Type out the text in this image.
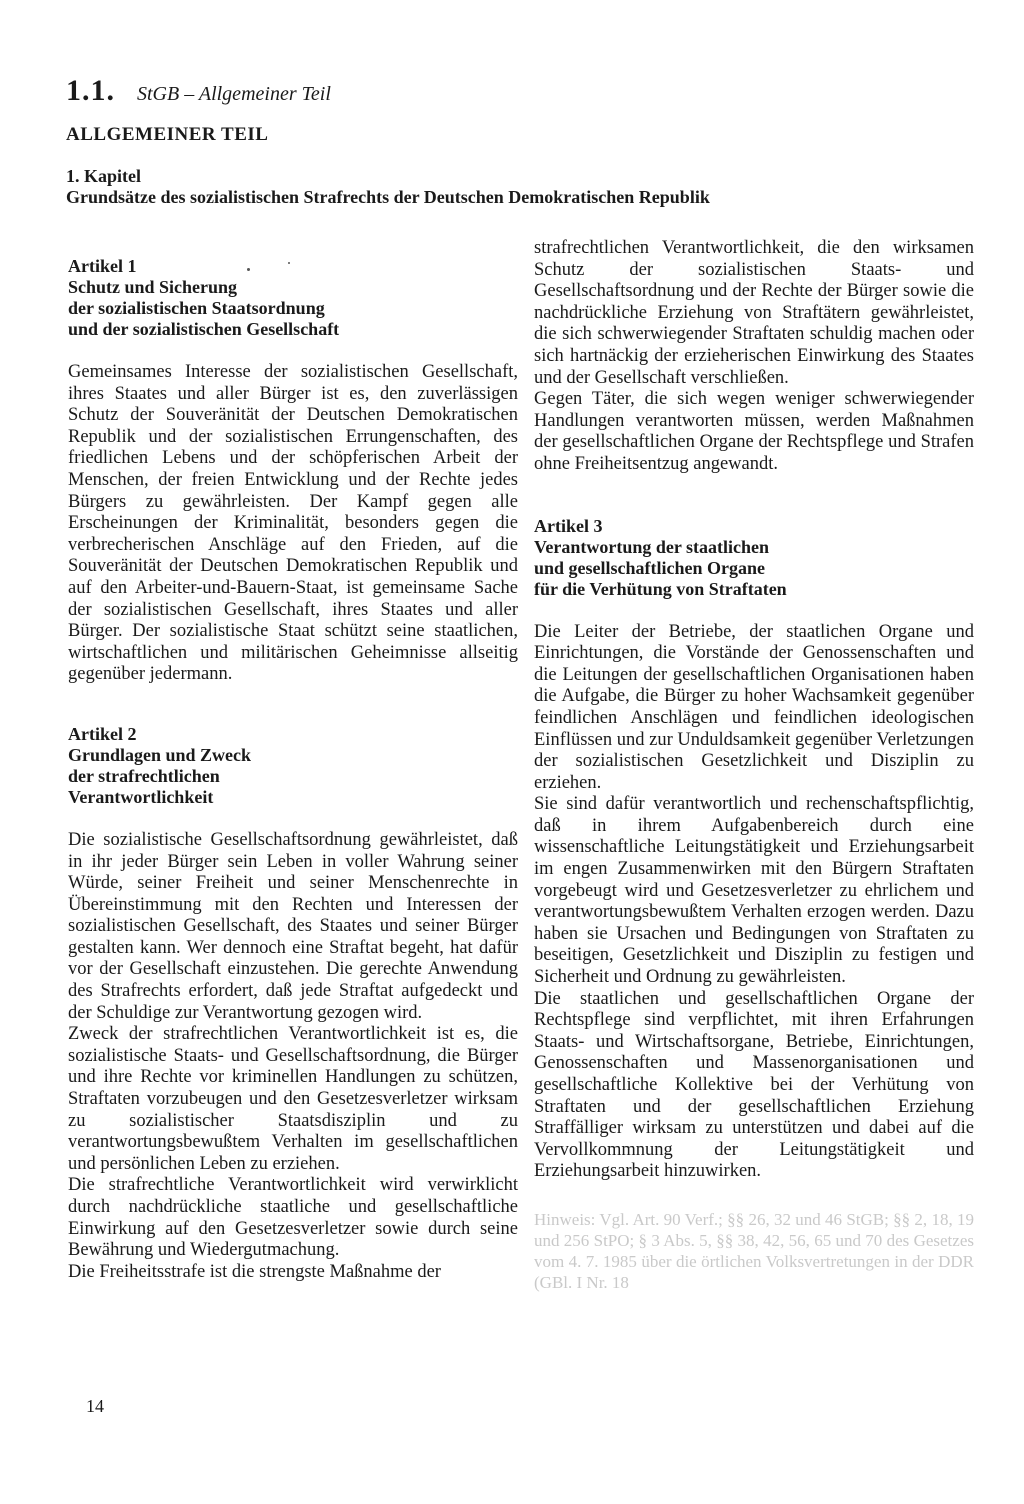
1.1. StGB – Allgemeiner Teil
ALLGEMEINER TEIL
1. Kapitel
Grundsätze des sozialistischen Strafrechts der Deutschen Demokratischen Republik

Artikel 1

Schutz und Sicherung

der sozialistischen Staatsordnung

und der sozialistischen Gesellschaft

Gemeinsames Interesse der sozialistischen Gesellschaft, ihres Staates und aller Bürger ist es, den zuverlässigen Schutz der Souveränität der Deutschen Demokratischen Republik und der sozialistischen Errungenschaften, des friedlichen Lebens und der schöpferischen Arbeit der Menschen, der freien Entwicklung und der Rechte jedes Bürgers zu gewährleisten. Der Kampf gegen alle Erscheinungen der Kriminalität, besonders gegen die verbrecherischen Anschläge auf den Frieden, auf die Souveränität der Deutschen Demokratischen Republik und auf den Arbeiter-und-Bauern-Staat, ist gemeinsame Sache der sozialistischen Gesellschaft, ihres Staates und aller Bürger. Der sozialistische Staat schützt seine staatlichen, wirtschaftlichen und militärischen Geheimnisse allseitig gegenüber jedermann.

Artikel 2

Grundlagen und Zweck

der strafrechtlichen

Verantwortlichkeit

Die sozialistische Gesellschaftsordnung gewährleistet, daß in ihr jeder Bürger sein Leben in voller Wahrung seiner Würde, seiner Freiheit und seiner Menschenrechte in Übereinstimmung mit den Rechten und Interessen der sozialistischen Gesellschaft, des Staates und seiner Bürger gestalten kann. Wer dennoch eine Straftat begeht, hat dafür vor der Gesellschaft einzustehen. Die gerechte Anwendung des Strafrechts erfordert, daß jede Straftat aufgedeckt und der Schuldige zur Verantwortung gezogen wird.

Zweck der strafrechtlichen Verantwortlichkeit ist es, die sozialistische Staats- und Gesellschaftsordnung, die Bürger und ihre Rechte vor kriminellen Handlungen zu schützen, Straftaten vorzubeugen und den Gesetzesverletzer wirksam zu sozialistischer Staatsdisziplin und zu verantwortungsbewußtem Verhalten im gesellschaftlichen und persönlichen Leben zu erziehen.

Die strafrechtliche Verantwortlichkeit wird verwirklicht durch nachdrückliche staatliche und gesellschaftliche Einwirkung auf den Gesetzesverletzer sowie durch seine Bewährung und Wiedergutmachung.

Die Freiheitsstrafe ist die strengste Maßnahme der

strafrechtlichen Verantwortlichkeit, die den wirksamen Schutz der sozialistischen Staats- und Gesellschaftsordnung und der Rechte der Bürger sowie die nachdrückliche Erziehung von Straftätern gewährleistet, die sich schwerwiegender Straftaten schuldig machen oder sich hartnäckig der erzieherischen Einwirkung des Staates und der Gesellschaft verschließen.

Gegen Täter, die sich wegen weniger schwerwiegender Handlungen verantworten müssen, werden Maßnahmen der gesellschaftlichen Organe der Rechtspflege und Strafen ohne Freiheitsentzug angewandt.

Artikel 3

Verantwortung der staatlichen

und gesellschaftlichen Organe

für die Verhütung von Straftaten

Die Leiter der Betriebe, der staatlichen Organe und Einrichtungen, die Vorstände der Genossenschaften und die Leitungen der gesellschaftlichen Organisationen haben die Aufgabe, die Bürger zu hoher Wachsamkeit gegenüber feindlichen Anschlägen und feindlichen ideologischen Einflüssen und zur Unduldsamkeit gegenüber Verletzungen der sozialistischen Gesetzlichkeit und Disziplin zu erziehen.

Sie sind dafür verantwortlich und rechenschaftspflichtig, daß in ihrem Aufgabenbereich durch eine wissenschaftliche Leitungstätigkeit und Erziehungsarbeit im engen Zusammenwirken mit den Bürgern Straftaten vorgebeugt wird und Gesetzesverletzer zu ehrlichem und verantwortungsbewußtem Verhalten erzogen werden. Dazu haben sie Ursachen und Bedingungen von Straftaten zu beseitigen, Gesetzlichkeit und Disziplin zu festigen und Sicherheit und Ordnung zu gewährleisten.

Die staatlichen und gesellschaftlichen Organe der Rechtspflege sind verpflichtet, mit ihren Erfahrungen Staats- und Wirtschaftsorgane, Betriebe, Einrichtungen, Genossenschaften und Massenorganisationen und gesellschaftliche Kollektive bei der Verhütung von Straftaten und der gesellschaftlichen Erziehung Straffälliger wirksam zu unterstützen und dabei auf die Vervollkommnung der Leitungstätigkeit und Erziehungsarbeit hinzuwirken.

Hinweis: Vgl. Art. 90 Verf.; §§ 26, 32 und 46 StGB; §§ 2, 18, 19 und 256 StPO; § 3 Abs. 5, §§ 38, 42, 56, 65 und 70 des Gesetzes vom 4. 7. 1985 über die örtlichen Volksvertretungen in der DDR (GBl. I Nr. 18

14
